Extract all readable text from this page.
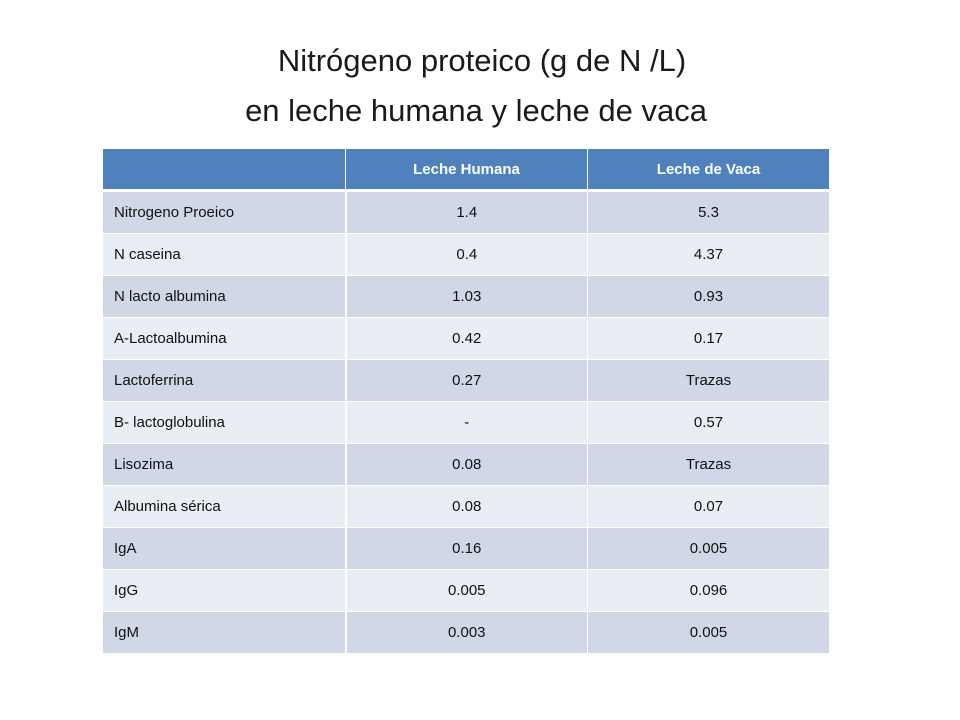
Nitrógeno proteico (g de N /L)
en leche humana y leche de vaca
	Leche Humana	Leche de Vaca
Nitrogeno Proeico	1.4	5.3
N caseina	0.4	4.37
N lacto albumina	1.03	0.93
A-Lactoalbumina	0.42	0.17
Lactoferrina	0.27	Trazas
B- lactoglobulina	-	0.57
Lisozima	0.08	Trazas
Albumina sérica	0.08	0.07
IgA	0.16	0.005
IgG	0.005	0.096
IgM	0.003	0.005
